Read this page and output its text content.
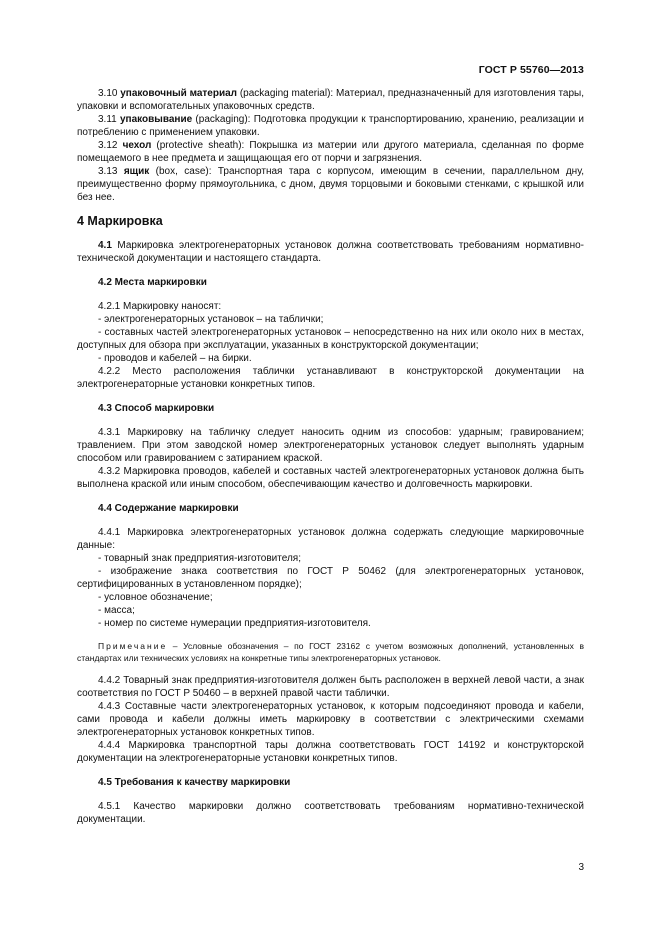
ГОСТ Р 55760—2013

3.10 упаковочный материал (packaging material): Материал, предназначенный для изготовления тары, упаковки и вспомогательных упаковочных средств.

3.11 упаковывание (packaging): Подготовка продукции к транспортированию, хранению, реализации и потреблению с применением упаковки.

3.12 чехол (protective sheath): Покрышка из материи или другого материала, сделанная по форме помещаемого в нее предмета и защищающая его от порчи и загрязнения.

3.13 ящик (box, case): Транспортная тара с корпусом, имеющим в сечении, параллельном дну, преимущественно форму прямоугольника, с дном, двумя торцовыми и боковыми стенками, с крышкой или без нее.

4 Маркировка

4.1 Маркировка электрогенераторных установок должна соответствовать требованиям нормативно-технической документации и настоящего стандарта.

4.2 Места маркировки

4.2.1 Маркировку наносят:

- электрогенераторных установок – на таблички;

- составных частей электрогенераторных установок – непосредственно на них или около них в местах, доступных для обзора при эксплуатации, указанных в конструкторской документации;

- проводов и кабелей – на бирки.

4.2.2 Место расположения таблички устанавливают в конструкторской документации на электрогенераторные установки конкретных типов.

4.3 Способ маркировки

4.3.1 Маркировку на табличку следует наносить одним из способов: ударным; гравированием; травлением. При этом заводской номер электрогенераторных установок следует выполнять ударным способом или гравированием с затиранием краской.

4.3.2 Маркировка проводов, кабелей и составных частей электрогенераторных установок должна быть выполнена краской или иным способом, обеспечивающим качество и долговечность маркировки.

4.4 Содержание маркировки

4.4.1 Маркировка электрогенераторных установок должна содержать следующие маркировочные данные:

- товарный знак предприятия-изготовителя;

- изображение знака соответствия по ГОСТ Р 50462 (для электрогенераторных установок, сертифицированных в установленном порядке);

- условное обозначение;

- масса;

- номер по системе нумерации предприятия-изготовителя.

Примечание – Условные обозначения – по ГОСТ 23162 с учетом возможных дополнений, установленных в стандартах или технических условиях на конкретные типы электрогенераторных установок.

4.4.2 Товарный знак предприятия-изготовителя должен быть расположен в верхней левой части, а знак соответствия по ГОСТ Р 50460 – в верхней правой части таблички.

4.4.3 Составные части электрогенераторных установок, к которым подсоединяют провода и кабели, сами провода и кабели должны иметь маркировку в соответствии с электрическими схемами электрогенераторных установок конкретных типов.

4.4.4 Маркировка транспортной тары должна соответствовать ГОСТ 14192 и конструкторской документации на электрогенераторные установки конкретных типов.

4.5 Требования к качеству маркировки

4.5.1 Качество маркировки должно соответствовать требованиям нормативно-технической документации.

3
